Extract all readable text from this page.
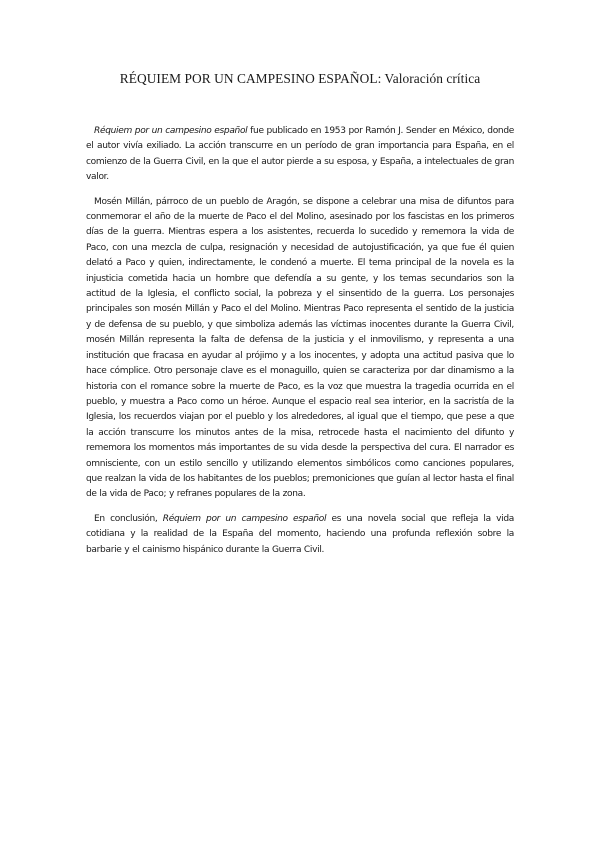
RÉQUIEM POR UN CAMPESINO ESPAÑOL: Valoración crítica

Réquiem por un campesino español fue publicado en 1953 por Ramón J. Sender en México, donde el autor vivía exiliado. La acción transcurre en un período de gran importancia para España, en el comienzo de la Guerra Civil, en la que el autor pierde a su esposa, y España, a intelectuales de gran valor.

Mosén Millán, párroco de un pueblo de Aragón, se dispone a celebrar una misa de difuntos para conmemorar el año de la muerte de Paco el del Molino, asesinado por los fascistas en los primeros días de la guerra. Mientras espera a los asistentes, recuerda lo sucedido y rememora la vida de Paco, con una mezcla de culpa, resignación y necesidad de autojustificación, ya que fue él quien delató a Paco y quien, indirectamente, le condenó a muerte. El tema principal de la novela es la injusticia cometida hacia un hombre que defendía a su gente, y los temas secundarios son la actitud de la Iglesia, el conflicto social, la pobreza y el sinsentido de la guerra. Los personajes principales son mosén Millán y Paco el del Molino. Mientras Paco representa el sentido de la justicia y de defensa de su pueblo, y que simboliza además las víctimas inocentes durante la Guerra Civil, mosén Millán representa la falta de defensa de la justicia y el inmovilismo, y representa a una institución que fracasa en ayudar al prójimo y a los inocentes, y adopta una actitud pasiva que lo hace cómplice. Otro personaje clave es el monaguillo, quien se caracteriza por dar dinamismo a la historia con el romance sobre la muerte de Paco, es la voz que muestra la tragedia ocurrida en el pueblo, y muestra a Paco como un héroe. Aunque el espacio real sea interior, en la sacristía de la Iglesia, los recuerdos viajan por el pueblo y los alrededores, al igual que el tiempo, que pese a que la acción transcurre los minutos antes de la misa, retrocede hasta el nacimiento del difunto y rememora los momentos más importantes de su vida desde la perspectiva del cura. El narrador es omnisciente, con un estilo sencillo y utilizando elementos simbólicos como canciones populares, que realzan la vida de los habitantes de los pueblos; premoniciones que guían al lector hasta el final de la vida de Paco; y refranes populares de la zona.

En conclusión, Réquiem por un campesino español es una novela social que refleja la vida cotidiana y la realidad de la España del momento, haciendo una profunda reflexión sobre la barbarie y el cainismo hispánico durante la Guerra Civil.
